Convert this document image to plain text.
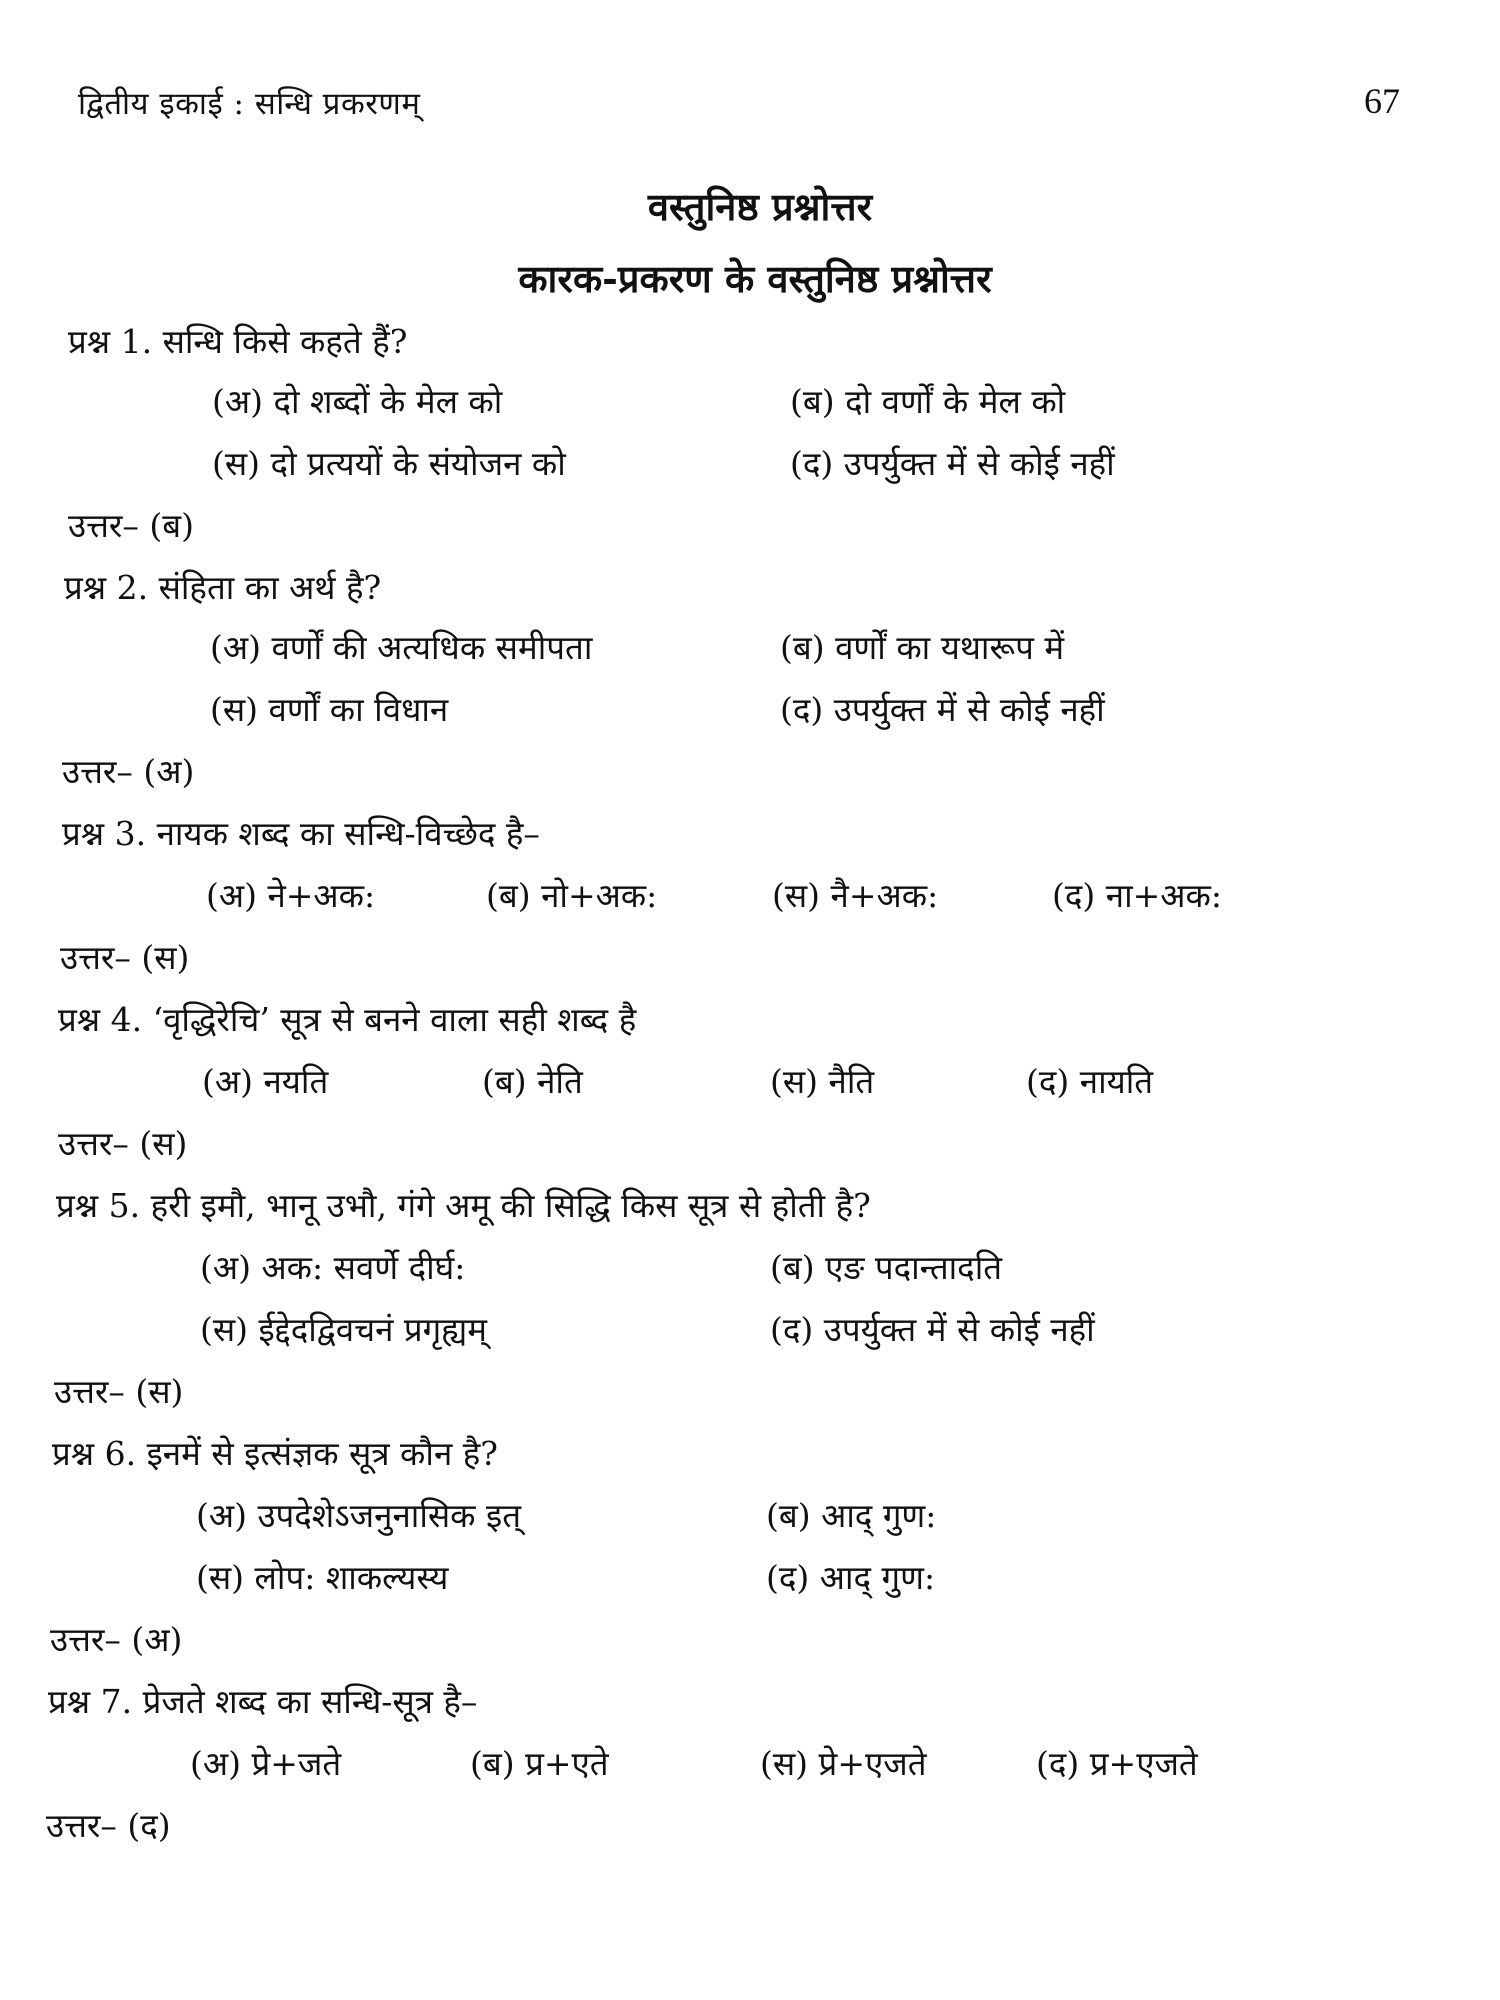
द्वितीय इकाई : सन्धि प्रकरणम्	67
वस्तुनिष्ठ प्रश्नोत्तर
कारक-प्रकरण के वस्तुनिष्ठ प्रश्नोत्तर
प्रश्न 1. सन्धि किसे कहते हैं?
(अ) दो शब्दों के मेल को	(ब) दो वर्णों के मेल को
(स) दो प्रत्ययों के संयोजन को	(द) उपर्युक्त में से कोई नहीं
उत्तर– (ब)
प्रश्न 2. संहिता का अर्थ है?
(अ) वर्णों की अत्यधिक समीपता	(ब) वर्णों का यथारूप में
(स) वर्णों का विधान	(द) उपर्युक्त में से कोई नहीं
उत्तर– (अ)
प्रश्न 3. नायक शब्द का सन्धि-विच्छेद है–
(अ) ने+अक:	(ब) नो+अक:	(स) नै+अक:	(द) ना+अक:
उत्तर– (स)
प्रश्न 4. ‘वृद्धिरेचि’ सूत्र से बनने वाला सही शब्द है
(अ) नयति	(ब) नेति	(स) नैति	(द) नायति
उत्तर– (स)
प्रश्न 5. हरी इमौ, भानू उभौ, गंगे अमू की सिद्धि किस सूत्र से होती है?
(अ) अक: सवर्णे दीर्घ:	(ब) एङ पदान्तादति
(स) ईद्देदद्विवचनं प्रगृह्यम्	(द) उपर्युक्त में से कोई नहीं
उत्तर– (स)
प्रश्न 6. इनमें से इत्संज्ञक सूत्र कौन है?
(अ) उपदेशेऽजनुनासिक इत्	(ब) आद् गुण:
(स) लोप: शाकल्यस्य	(द) आद् गुण:
उत्तर– (अ)
प्रश्न 7. प्रेजते शब्द का सन्धि-सूत्र है–
(अ) प्रे+जते	(ब) प्र+एते	(स) प्रे+एजते	(द) प्र+एजते
उत्तर– (द)
